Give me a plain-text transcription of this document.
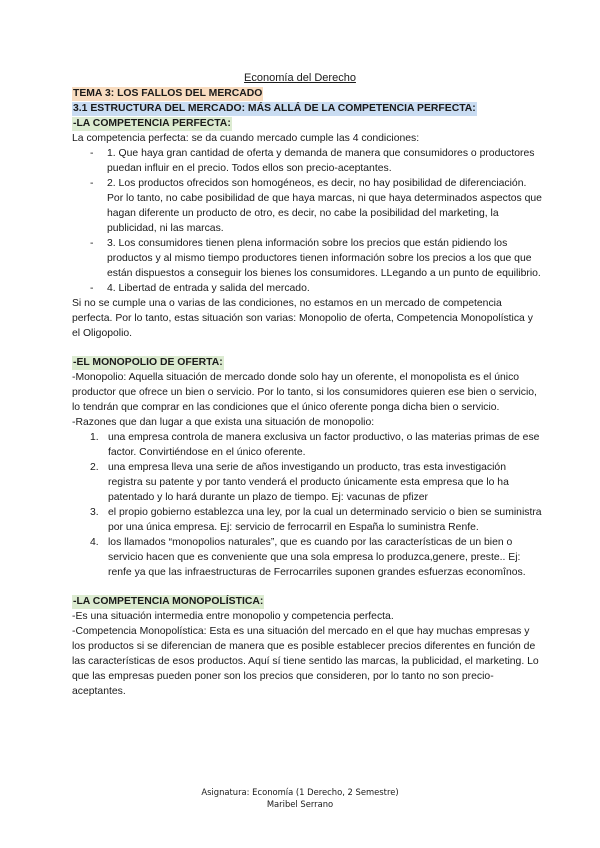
Economía del Derecho
TEMA 3: LOS FALLOS DEL MERCADO
3.1 ESTRUCTURA DEL MERCADO: MÁS ALLÁ DE LA COMPETENCIA PERFECTA:
-LA COMPETENCIA PERFECTA:

La competencia perfecta: se da cuando mercado cumple las 4 condiciones:

- 1. Que haya gran cantidad de oferta y demanda de manera que consumidores o productores puedan influir en el precio. Todos ellos son precio-aceptantes.
- 2. Los productos ofrecidos son homogéneos, es decir, no hay posibilidad de diferenciación. Por lo tanto, no cabe posibilidad de que haya marcas, ni que haya determinados aspectos que hagan diferente un producto de otro, es decir, no cabe la posibilidad del marketing, la publicidad, ni las marcas.
- 3. Los consumidores tienen plena información sobre los precios que están pidiendo los productos y al mismo tiempo productores tienen información sobre los precios a los que que están dispuestos a conseguir los bienes los consumidores. LLegando a un punto de equilibrio.
- 4. Libertad de entrada y salida del mercado.

Si no se cumple una o varias de las condiciones, no estamos en un mercado de competencia perfecta. Por lo tanto, estas situación son varias: Monopolio de oferta, Competencia Monopolística y el Oligopolio.

-EL MONOPOLIO DE OFERTA:

-Monopolio: Aquella situación de mercado donde solo hay un oferente, el monopolista es el único productor que ofrece un bien o servicio. Por lo tanto, si los consumidores quieren ese bien o servicio, lo tendrán que comprar en las condiciones que el único oferente ponga dicha bien o servicio.

-Razones que dan lugar a que exista una situación de monopolio:

1. una empresa controla de manera exclusiva un factor productivo, o las materias primas de ese factor. Convirtiéndose en el único oferente.
2. una empresa lleva una serie de años investigando un producto, tras esta investigación registra su patente y por tanto venderá el producto únicamente esta empresa que lo ha patentado y lo hará durante un plazo de tiempo. Ej: vacunas de pfizer
3. el propio gobierno establezca una ley, por la cual un determinado servicio o bien se suministra por una única empresa. Ej: servicio de ferrocarril en España lo suministra Renfe.
4. los llamados “monopolios naturales”, que es cuando por las características de un bien o servicio hacen que es conveniente que una sola empresa lo produzca,genere, preste.. Ej: renfe ya que las infraestructuras de Ferrocarriles suponen grandes esfuerzas economînos.
-LA COMPETENCIA MONOPOLÍSTICA:

-Es una situación intermedia entre monopolio y competencia perfecta.

-Competencia Monopolística: Esta es una situación del mercado en el que hay muchas empresas y los productos si se diferencian de manera que es posible establecer precios diferentes en función de las características de esos productos. Aquí sí tiene sentido las marcas, la publicidad, el marketing. Lo que las empresas pueden poner son los precios que consideren, por lo tanto no son precio-aceptantes.

Asignatura: Economía (1 Derecho, 2 Semestre)
Maribel Serrano
